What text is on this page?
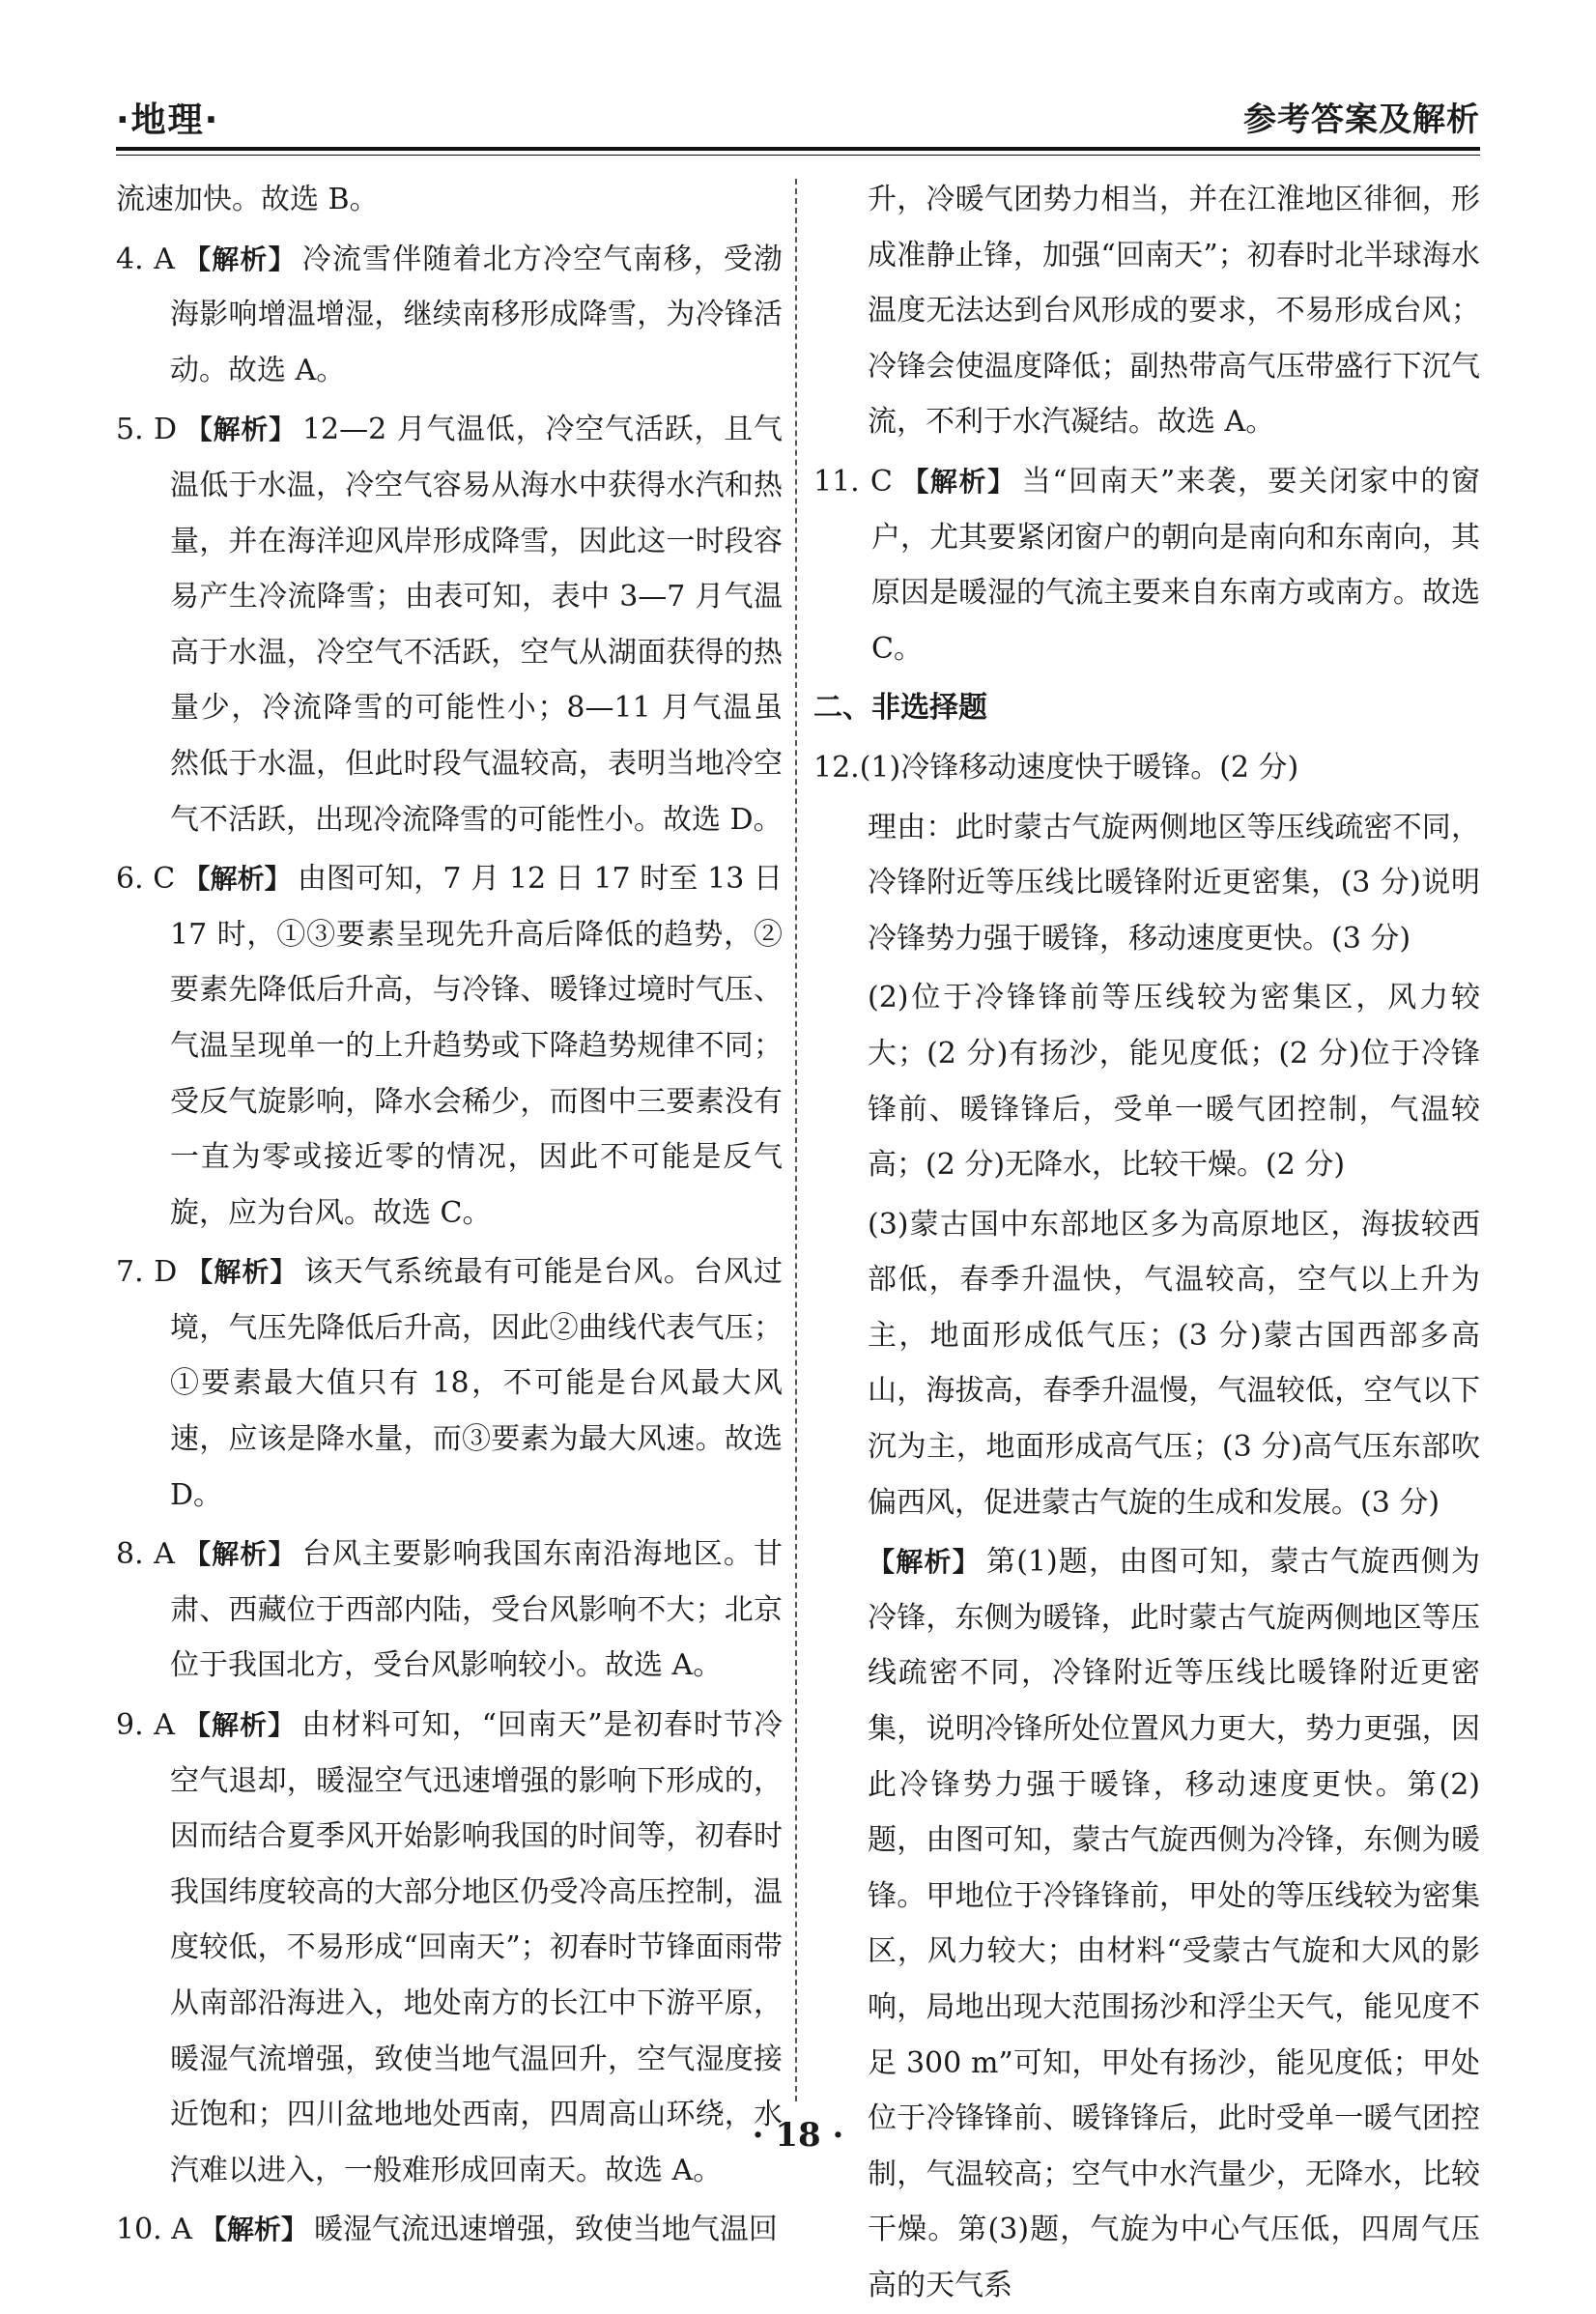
·地理·	参考答案及解析
流速加快。故选 B。
4. A 【解析】 冷流雪伴随着北方冷空气南移，受渤海影响增温增湿，继续南移形成降雪，为冷锋活动。故选 A。
5. D 【解析】 12—2 月气温低，冷空气活跃，且气温低于水温，冷空气容易从海水中获得水汽和热量，并在海洋迎风岸形成降雪，因此这一时段容易产生冷流降雪；由表可知，表中 3—7 月气温高于水温，冷空气不活跃，空气从湖面获得的热量少，冷流降雪的可能性小；8—11 月气温虽然低于水温，但此时段气温较高，表明当地冷空气不活跃，出现冷流降雪的可能性小。故选 D。
6. C 【解析】 由图可知，7 月 12 日 17 时至 13 日 17 时，①③要素呈现先升高后降低的趋势，②要素先降低后升高，与冷锋、暖锋过境时气压、气温呈现单一的上升趋势或下降趋势规律不同；受反气旋影响，降水会稀少，而图中三要素没有一直为零或接近零的情况，因此不可能是反气旋，应为台风。故选 C。
7. D 【解析】 该天气系统最有可能是台风。台风过境，气压先降低后升高，因此②曲线代表气压；①要素最大值只有 18，不可能是台风最大风速，应该是降水量，而③要素为最大风速。故选 D。
8. A 【解析】 台风主要影响我国东南沿海地区。甘肃、西藏位于西部内陆，受台风影响不大；北京位于我国北方，受台风影响较小。故选 A。
9. A 【解析】 由材料可知，“回南天”是初春时节冷空气退却，暖湿空气迅速增强的影响下形成的，因而结合夏季风开始影响我国的时间等，初春时我国纬度较高的大部分地区仍受冷高压控制，温度较低，不易形成“回南天”；初春时节锋面雨带从南部沿海进入，地处南方的长江中下游平原，暖湿气流增强，致使当地气温回升，空气湿度接近饱和；四川盆地地处西南，四周高山环绕，水汽难以进入，一般难形成回南天。故选 A。
10. A 【解析】 暖湿气流迅速增强，致使当地气温回
升，冷暖气团势力相当，并在江淮地区徘徊，形成准静止锋，加强“回南天”；初春时北半球海水温度无法达到台风形成的要求，不易形成台风；冷锋会使温度降低；副热带高气压带盛行下沉气流，不利于水汽凝结。故选 A。
11. C 【解析】 当“回南天”来袭，要关闭家中的窗户，尤其要紧闭窗户的朝向是南向和东南向，其原因是暖湿的气流主要来自东南方或南方。故选 C。
二、非选择题
12.(1)冷锋移动速度快于暖锋。(2 分)
理由：此时蒙古气旋两侧地区等压线疏密不同，冷锋附近等压线比暖锋附近更密集，(3 分)说明冷锋势力强于暖锋，移动速度更快。(3 分)
(2)位于冷锋锋前等压线较为密集区，风力较大；(2 分)有扬沙，能见度低；(2 分)位于冷锋锋前、暖锋锋后，受单一暖气团控制，气温较高；(2 分)无降水，比较干燥。(2 分)
(3)蒙古国中东部地区多为高原地区，海拔较西部低，春季升温快，气温较高，空气以上升为主，地面形成低气压；(3 分)蒙古国西部多高山，海拔高，春季升温慢，气温较低，空气以下沉为主，地面形成高气压；(3 分)高气压东部吹偏西风，促进蒙古气旋的生成和发展。(3 分)
【解析】 第(1)题，由图可知，蒙古气旋西侧为冷锋，东侧为暖锋，此时蒙古气旋两侧地区等压线疏密不同，冷锋附近等压线比暖锋附近更密集，说明冷锋所处位置风力更大，势力更强，因此冷锋势力强于暖锋，移动速度更快。第(2)题，由图可知，蒙古气旋西侧为冷锋，东侧为暖锋。甲地位于冷锋锋前，甲处的等压线较为密集区，风力较大；由材料“受蒙古气旋和大风的影响，局地出现大范围扬沙和浮尘天气，能见度不足 300 m”可知，甲处有扬沙，能见度低；甲处位于冷锋锋前、暖锋锋后，此时受单一暖气团控制，气温较高；空气中水汽量少，无降水，比较干燥。第(3)题，气旋为中心气压低，四周气压高的天气系
· 18 ·
